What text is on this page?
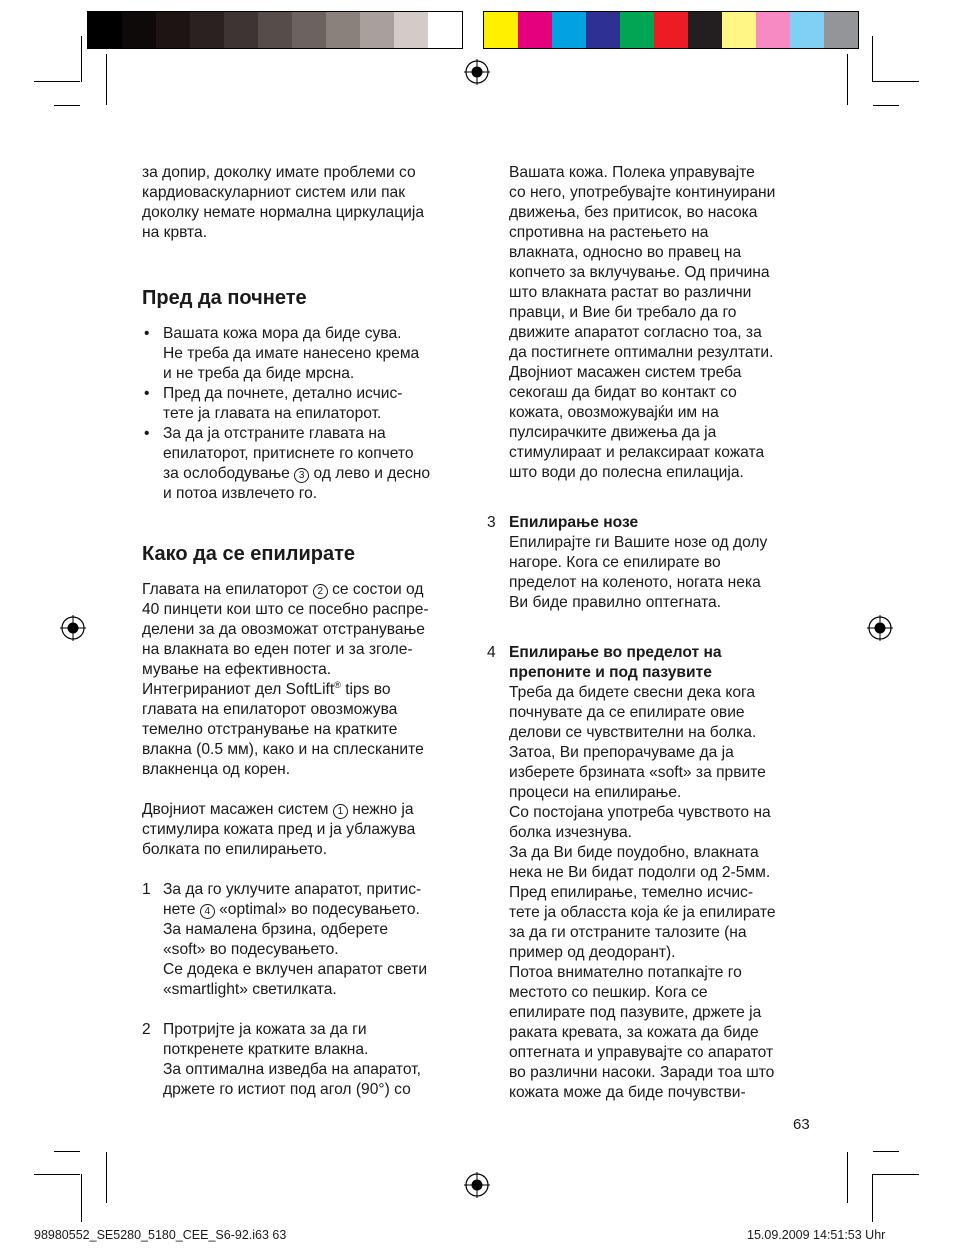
за допир, доколку имате проблеми со

кардиоваскуларниот систем или пак

доколку немате нормална циркулација

на крвта.

Пред да почнете
• Вашата кожа мора да биде сува.

Не треба да имате нанесено крема

и не треба да биде мрсна.

• Пред да почнете, детално исчис-

тете ја главата на епилаторот.

• За да ја отстраните главата на

епилаторот, притиснете го копчето

за ослободување 3 од лево и десно

и потоа извлечето го.

Како да се епилирате

Главата на епилаторот 2 се состои од

40 пинцети кои што се посебно распре-

делени за да овозможат отстранување

на влакната во еден потег и за зголе-

мување на ефективноста.

Интегрираниот дел SoftLift® tips во

главата на епилаторот овозможува

темелно отстранување на кратките

влакна (0.5 мм), како и на сплесканите

влакненца од корен.

Двојниот масажен систем 1 нежно ја

стимулира кожата пред и ја ублажува

болката по епилирањето.

1 За да го уклучите апаратот, притис-

нете 4 «optimal» во подесувањето.

За намалена брзина, одберете

«soft» во подесувањето.

Се додека е вклучен апаратот свети

«smartlight» светилката.

2 Протријте ја кожата за да ги

поткренете кратките влакна.

За оптимална изведба на апаратот,

држете го истиот под агол (90°) со

Вашата кожа. Полека управувајте

со него, употребувајте континуирани

движења, без притисок, во насока

спротивна на растењето на

влакната, односно во правец на

копчето за вклучување. Од причина

што влакната растат во различни

правци, и Вие би требало да го

движите апаратот согласно тоа, за

да постигнете оптимални резултати.

Двојниот масажен систем треба

секогаш да бидат во контакт со

кожата, овозможувајќи им на

пулсирачките движења да ја

стимулираат и релаксираат кожата

што води до полесна епилација.

3 Епилирање нозе

Епилирајте ги Вашите нозе од долу

нагоре. Кога се епилирате во

пределот на коленото, ногата нека

Ви биде правилно оптегната.

4 Епилирање во пределот на

препоните и под пазувите

Треба да бидете свесни дека кога

почнувате да се епилирате овие

делови се чувствителни на болка.

Затоа, Ви препорачуваме да ја

изберете брзината «soft» за првите

процеси на епилирање.

Со постојана употреба чувството на

болка изчезнува.

За да Ви биде поудобно, влакната

нека не Ви бидат подолги од 2-5мм.

Пред епилирање, темелно исчис-

тете ја обласста која ќе ја епилирате

за да ги отстраните талозите (на

пример од деодорант).

Потоа внимателно потапкајте го

местото со пешкир. Кога се

епилирате под пазувите, држете ја

раката кревата, за кожата да биде

оптегната и управувајте со апаратот

во различни насоки. Заради тоа што

кожата може да биде почувстви-

63
98980552_SE5280_5180_CEE_S6-92.i63 63	15.09.2009 14:51:53 Uhr
